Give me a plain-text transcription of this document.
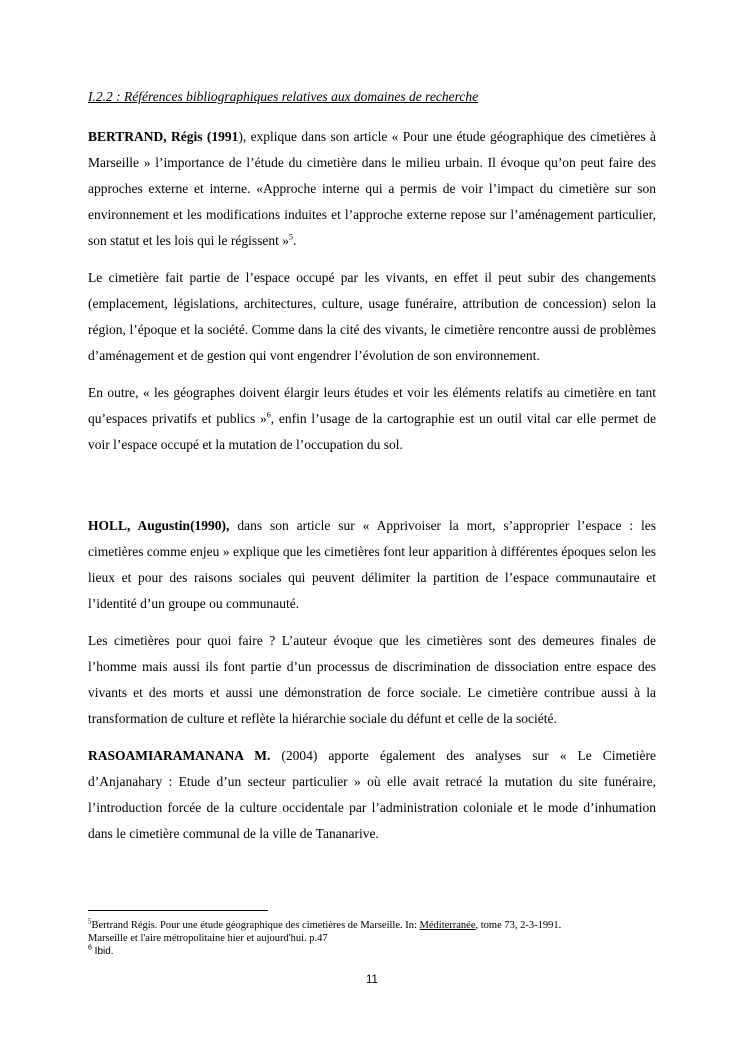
I.2.2 : Références bibliographiques relatives aux domaines de recherche

BERTRAND, Régis (1991), explique dans son article « Pour une étude géographique des cimetières à Marseille » l’importance de l’étude du cimetière dans le milieu urbain. Il évoque qu’on peut faire des approches externe et interne. «Approche interne qui a permis de voir l’impact du cimetière sur son environnement et les modifications induites et l’approche externe repose sur l’aménagement particulier, son statut et les lois qui le régissent »$^5$.

Le cimetière fait partie de l’espace occupé par les vivants, en effet il peut subir des changements (emplacement, législations, architectures, culture, usage funéraire, attribution de concession) selon la région, l’époque et la société. Comme dans la cité des vivants, le cimetière rencontre aussi de problèmes d’aménagement et de gestion qui vont engendrer l’évolution de son environnement.

En outre, « les géographes doivent élargir leurs études et voir les éléments relatifs au cimetière en tant qu’espaces privatifs et publics »$^6$, enfin l’usage de la cartographie est un outil vital car elle permet de voir l’espace occupé et la mutation de l’occupation du sol.

HOLL, Augustin(1990), dans son article sur « Apprivoiser la mort, s’approprier l’espace : les cimetières comme enjeu » explique que les cimetières font leur apparition à différentes époques selon les lieux et pour des raisons sociales qui peuvent délimiter la partition de l’espace communautaire et l’identité d’un groupe ou communauté.

Les cimetières pour quoi faire ? L’auteur évoque que les cimetières sont des demeures finales de l’homme mais aussi ils font partie d’un processus de discrimination de dissociation entre espace des vivants et des morts et aussi une démonstration de force sociale. Le cimetière contribue aussi à la transformation de culture et reflète la hiérarchie sociale du défunt et celle de la société.

RASOAMIARAMANANA M. (2004) apporte également des analyses sur « Le Cimetière d’Anjanahary : Etude d’un secteur particulier » où elle avait retracé la mutation du site funéraire, l’introduction forcée de la culture occidentale par l’administration coloniale et le mode d’inhumation dans le cimetière communal de la ville de Tananarive.

$^5$Bertrand Régis. Pour une étude géographique des cimetières de Marseille. In: Méditerranée, tome 73, 2-3-1991.

Marseille et l'aire métropolitaine hier et aujourd'hui. p.47

$^6$ Ibid.

11
